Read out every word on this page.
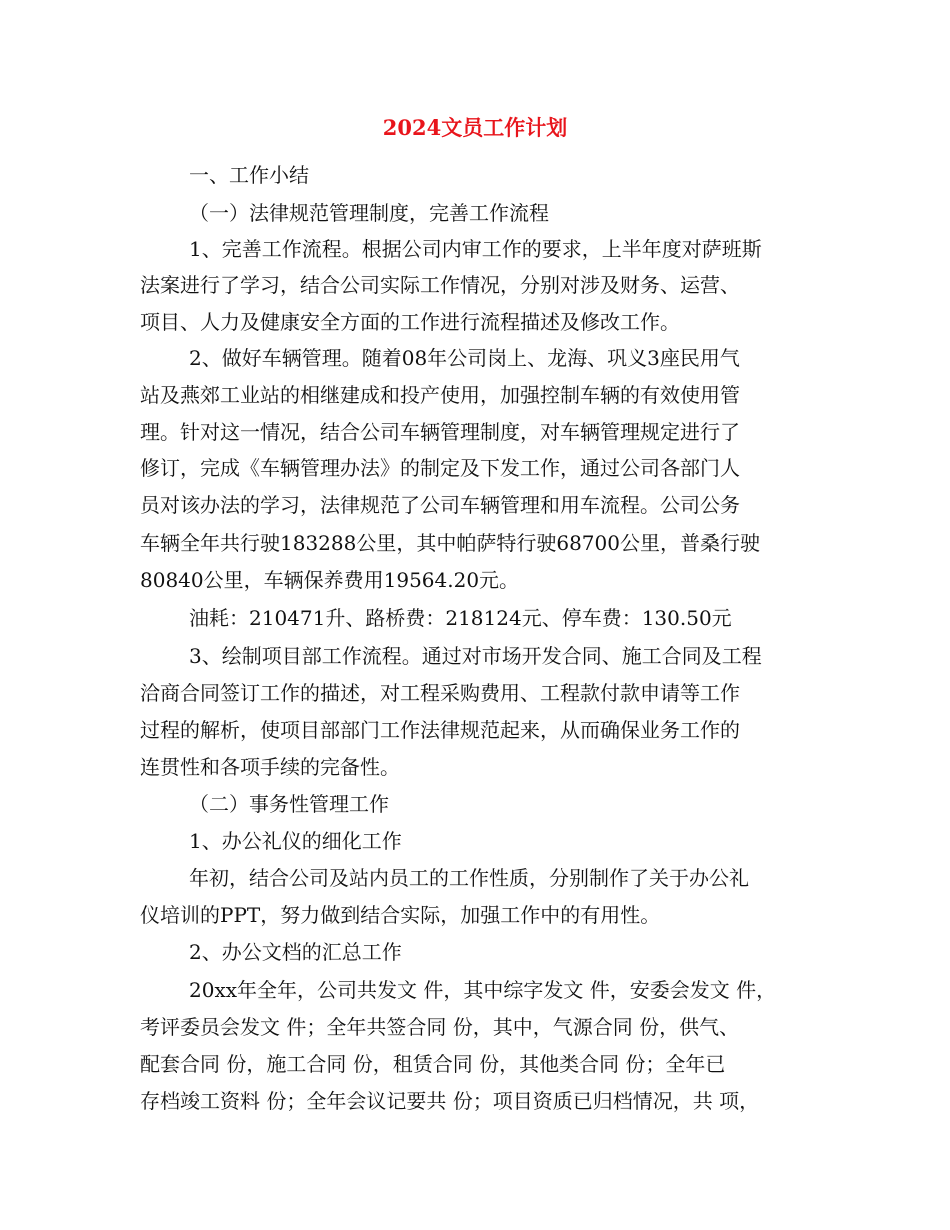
2024文员工作计划
一、工作小结
（一）法律规范管理制度，完善工作流程
1、完善工作流程。根据公司内审工作的要求，上半年度对萨班斯
法案进行了学习，结合公司实际工作情况，分别对涉及财务、运营、
项目、人力及健康安全方面的工作进行流程描述及修改工作。
2、做好车辆管理。随着08年公司岗上、龙海、巩义3座民用气
站及燕郊工业站的相继建成和投产使用，加强控制车辆的有效使用管
理。针对这一情况，结合公司车辆管理制度，对车辆管理规定进行了
修订，完成《车辆管理办法》的制定及下发工作，通过公司各部门人
员对该办法的学习，法律规范了公司车辆管理和用车流程。公司公务
车辆全年共行驶183288公里，其中帕萨特行驶68700公里，普桑行驶
80840公里，车辆保养费用19564.20元。
油耗：210471升、路桥费：218124元、停车费：130.50元
3、绘制项目部工作流程。通过对市场开发合同、施工合同及工程
洽商合同签订工作的描述，对工程采购费用、工程款付款申请等工作
过程的解析，使项目部部门工作法律规范起来，从而确保业务工作的
连贯性和各项手续的完备性。
（二）事务性管理工作
1、办公礼仪的细化工作
年初，结合公司及站内员工的工作性质，分别制作了关于办公礼
仪培训的PPT，努力做到结合实际，加强工作中的有用性。
2、办公文档的汇总工作
20xx年全年，公司共发文 件，其中综字发文 件，安委会发文 件，
考评委员会发文 件；全年共签合同 份，其中，气源合同 份，供气、
配套合同 份，施工合同 份，租赁合同 份，其他类合同 份；全年已
存档竣工资料 份；全年会议记要共 份；项目资质已归档情况，共 项，
